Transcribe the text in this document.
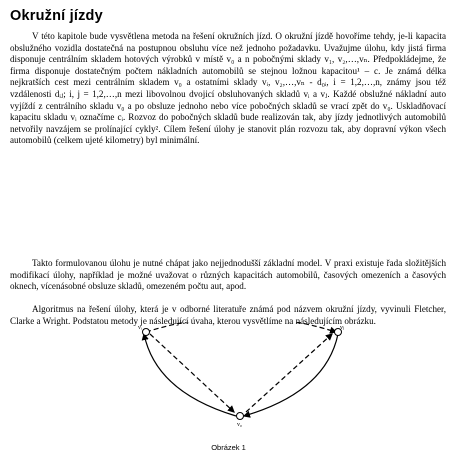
Okružní jízdy

V této kapitole bude vysvětlena metoda na řešení okružních jízd. O okružní jízdě hovoříme tehdy, je-li kapacita obslužného vozidla dostatečná na postupnou obsluhu více než jednoho požadavku. Uvažujme úlohu, kdy jistá firma disponuje centrálním skladem hotových výrobků v místě v₀ a n pobočnými sklady v₁, v₂,…,vₙ. Předpokládejme, že firma disponuje dostatečným počtem nákladních automobilů se stejnou ložnou kapacitou¹ – c. Je známá délka nejkratších cest mezi centrálním skladem v₀ a ostatními sklady vᵢ, v₂,…,vₙ - d₀ᵢ, i = 1,2,…,n, známy jsou též vzdálenosti dᵢⱼ; i, j = 1,2,…,n mezi libovolnou dvojicí obsluhovaných skladů vᵢ a vⱼ. Každé obslužné nákladní auto vyjíždí z centrálního skladu v₀ a po obsluze jednoho nebo více pobočných skladů se vrací zpět do v₀. Uskladňovací kapacitu skladu vᵢ označíme cᵢ. Rozvoz do pobočných skladů bude realizován tak, aby jízdy jednotlivých automobilů netvořily navzájem se prolínající cykly². Cílem řešení úlohy je stanovit plán rozvozu tak, aby dopravní výkon všech automobilů (celkem ujeté kilometry) byl minimální.

Takto formulovanou úlohu je nutné chápat jako nejjednodušší základní model. V praxi existuje řada složitějších modifikací úlohy, například je možné uvažovat o různých kapacitách automobilů, časových omezeních a časových oknech, vícenásobné obsluze skladů, omezeném počtu aut, apod.

Algoritmus na řešení úlohy, která je v odborné literatuře známá pod názvem okružní jízdy, vyvinuli Fletcher, Clarke a Wright. Podstatou metody je následující úvaha, kterou vysvětlíme na následujícím obrázku.

vᵢ	vⱼ
v₀
Obrázek 1
